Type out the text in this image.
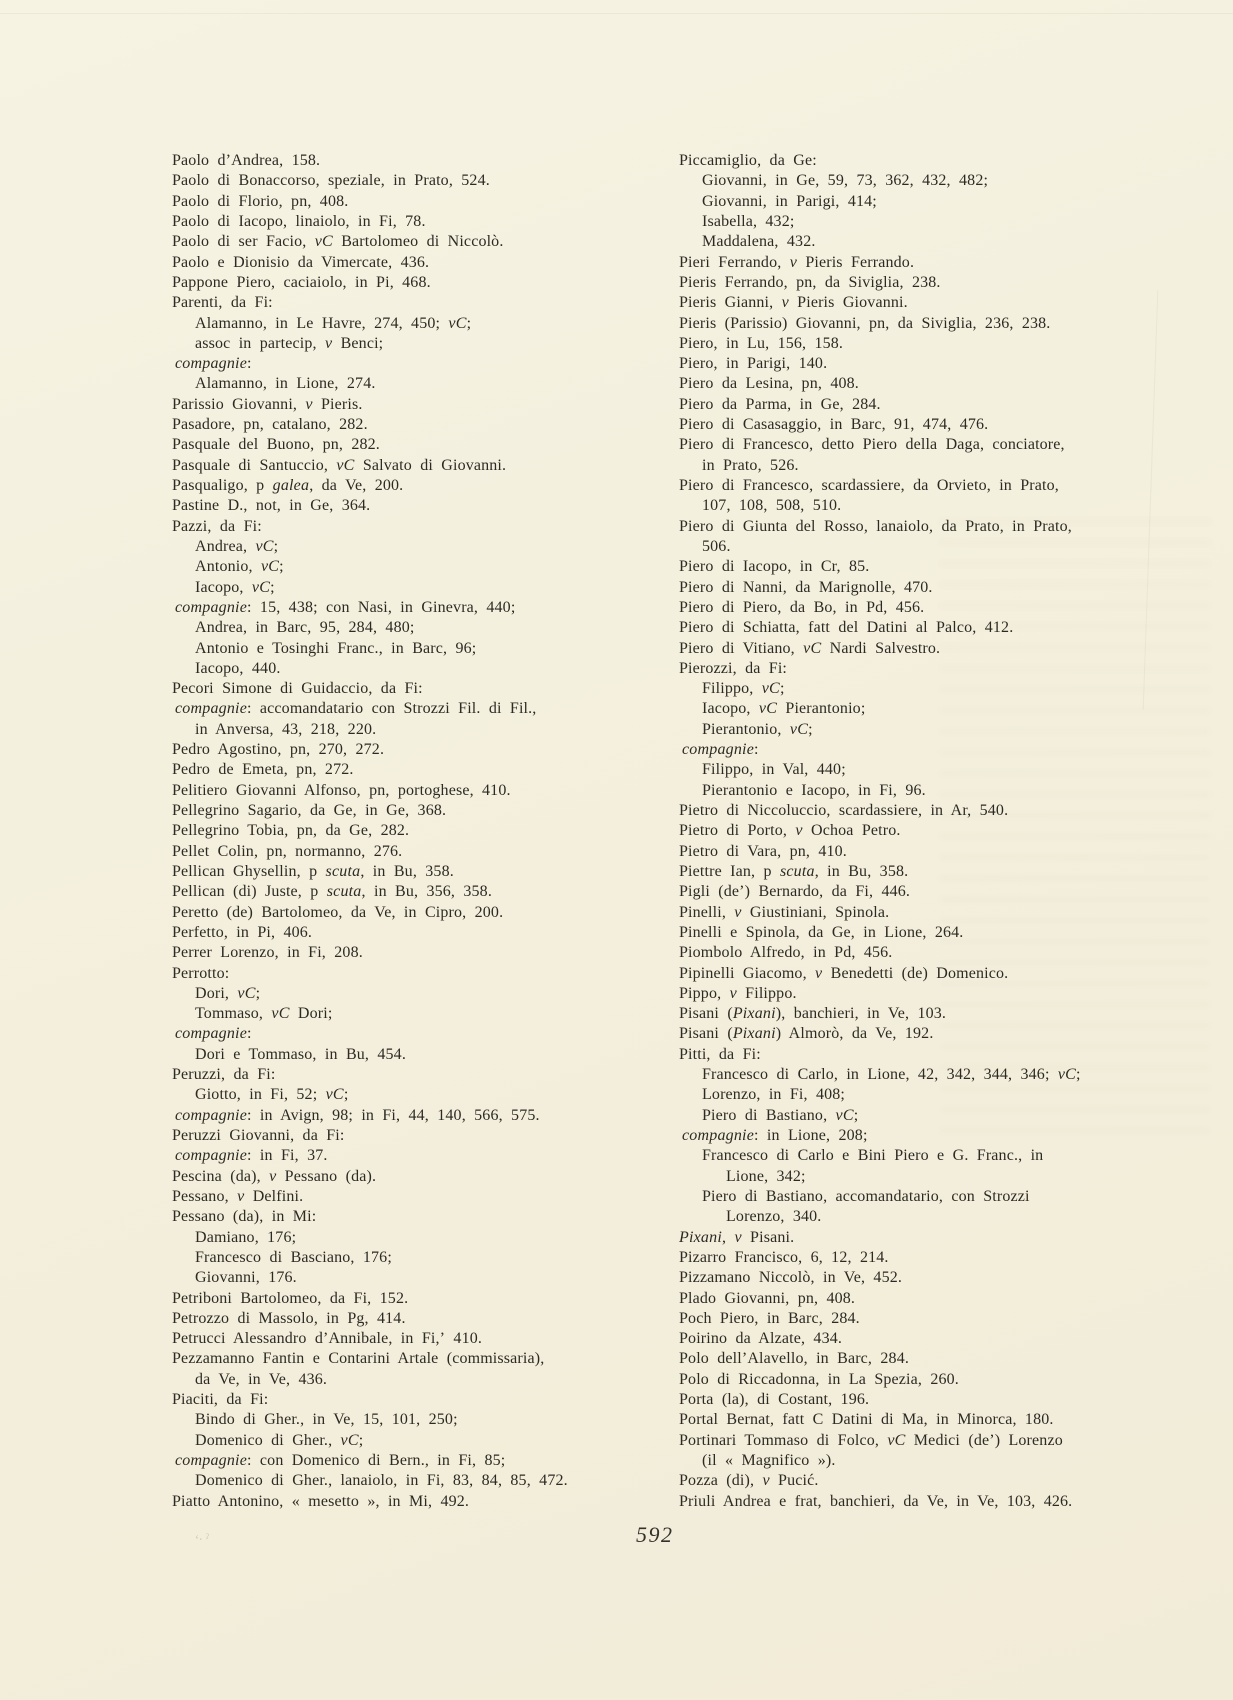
Paolo d’Andrea, 158.
Paolo di Bonaccorso, speziale, in Prato, 524.
Paolo di Florio, pn, 408.
Paolo di Iacopo, linaiolo, in Fi, 78.
Paolo di ser Facio, vC Bartolomeo di Niccolò.
Paolo e Dionisio da Vimercate, 436.
Pappone Piero, caciaiolo, in Pi, 468.
Parenti, da Fi:
Alamanno, in Le Havre, 274, 450; vC;
assoc in partecip, v Benci;
compagnie:
Alamanno, in Lione, 274.
Parissio Giovanni, v Pieris.
Pasadore, pn, catalano, 282.
Pasquale del Buono, pn, 282.
Pasquale di Santuccio, vC Salvato di Giovanni.
Pasqualigo, p galea, da Ve, 200.
Pastine D., not, in Ge, 364.
Pazzi, da Fi:
Andrea, vC;
Antonio, vC;
Iacopo, vC;
compagnie: 15, 438; con Nasi, in Ginevra, 440;
Andrea, in Barc, 95, 284, 480;
Antonio e Tosinghi Franc., in Barc, 96;
Iacopo, 440.
Pecori Simone di Guidaccio, da Fi:
compagnie: accomandatario con Strozzi Fil. di Fil.,
in Anversa, 43, 218, 220.
Pedro Agostino, pn, 270, 272.
Pedro de Emeta, pn, 272.
Pelitiero Giovanni Alfonso, pn, portoghese, 410.
Pellegrino Sagario, da Ge, in Ge, 368.
Pellegrino Tobia, pn, da Ge, 282.
Pellet Colin, pn, normanno, 276.
Pellican Ghysellin, p scuta, in Bu, 358.
Pellican (di) Juste, p scuta, in Bu, 356, 358.
Peretto (de) Bartolomeo, da Ve, in Cipro, 200.
Perfetto, in Pi, 406.
Perrer Lorenzo, in Fi, 208.
Perrotto:
Dori, vC;
Tommaso, vC Dori;
compagnie:
Dori e Tommaso, in Bu, 454.
Peruzzi, da Fi:
Giotto, in Fi, 52; vC;
compagnie: in Avign, 98; in Fi, 44, 140, 566, 575.
Peruzzi Giovanni, da Fi:
compagnie: in Fi, 37.
Pescina (da), v Pessano (da).
Pessano, v Delfini.
Pessano (da), in Mi:
Damiano, 176;
Francesco di Basciano, 176;
Giovanni, 176.
Petriboni Bartolomeo, da Fi, 152.
Petrozzo di Massolo, in Pg, 414.
Petrucci Alessandro d’Annibale, in Fi,ʼ 410.
Pezzamanno Fantin e Contarini Artale (commissaria),
da Ve, in Ve, 436.
Piaciti, da Fi:
Bindo di Gher., in Ve, 15, 101, 250;
Domenico di Gher., vC;
compagnie: con Domenico di Bern., in Fi, 85;
Domenico di Gher., lanaiolo, in Fi, 83, 84, 85, 472.
Piatto Antonino, « mesetto », in Mi, 492.
Piccamiglio, da Ge:
Giovanni, in Ge, 59, 73, 362, 432, 482;
Giovanni, in Parigi, 414;
Isabella, 432;
Maddalena, 432.
Pieri Ferrando, v Pieris Ferrando.
Pieris Ferrando, pn, da Siviglia, 238.
Pieris Gianni, v Pieris Giovanni.
Pieris (Parissio) Giovanni, pn, da Siviglia, 236, 238.
Piero, in Lu, 156, 158.
Piero, in Parigi, 140.
Piero da Lesina, pn, 408.
Piero da Parma, in Ge, 284.
Piero di Casasaggio, in Barc, 91, 474, 476.
Piero di Francesco, detto Piero della Daga, conciatore,
in Prato, 526.
Piero di Francesco, scardassiere, da Orvieto, in Prato,
107, 108, 508, 510.
Piero di Giunta del Rosso, lanaiolo, da Prato, in Prato,
506.
Piero di Iacopo, in Cr, 85.
Piero di Nanni, da Marignolle, 470.
Piero di Piero, da Bo, in Pd, 456.
Piero di Schiatta, fatt del Datini al Palco, 412.
Piero di Vitiano, vC Nardi Salvestro.
Pierozzi, da Fi:
Filippo, vC;
Iacopo, vC Pierantonio;
Pierantonio, vC;
compagnie:
Filippo, in Val, 440;
Pierantonio e Iacopo, in Fi, 96.
Pietro di Niccoluccio, scardassiere, in Ar, 540.
Pietro di Porto, v Ochoa Petro.
Pietro di Vara, pn, 410.
Piettre Ian, p scuta, in Bu, 358.
Pigli (de’) Bernardo, da Fi, 446.
Pinelli, v Giustiniani, Spinola.
Pinelli e Spinola, da Ge, in Lione, 264.
Piombolo Alfredo, in Pd, 456.
Pipinelli Giacomo, v Benedetti (de) Domenico.
Pippo, v Filippo.
Pisani (Pixani), banchieri, in Ve, 103.
Pisani (Pixani) Almorò, da Ve, 192.
Pitti, da Fi:
Francesco di Carlo, in Lione, 42, 342, 344, 346; vC;
Lorenzo, in Fi, 408;
Piero di Bastiano, vC;
compagnie: in Lione, 208;
Francesco di Carlo e Bini Piero e G. Franc., in
Lione, 342;
Piero di Bastiano, accomandatario, con Strozzi
Lorenzo, 340.
Pixani, v Pisani.
Pizarro Francisco, 6, 12, 214.
Pizzamano Niccolò, in Ve, 452.
Plado Giovanni, pn, 408.
Poch Piero, in Barc, 284.
Poirino da Alzate, 434.
Polo dell’Alavello, in Barc, 284.
Polo di Riccadonna, in La Spezia, 260.
Porta (la), di Costant, 196.
Portal Bernat, fatt C Datini di Ma, in Minorca, 180.
Portinari Tommaso di Folco, vC Medici (de’) Lorenzo
(il « Magnifico »).
Pozza (di), v Pucić.
Priuli Andrea e frat, banchieri, da Ve, in Ve, 103, 426.
ʻ· ˀ	592
